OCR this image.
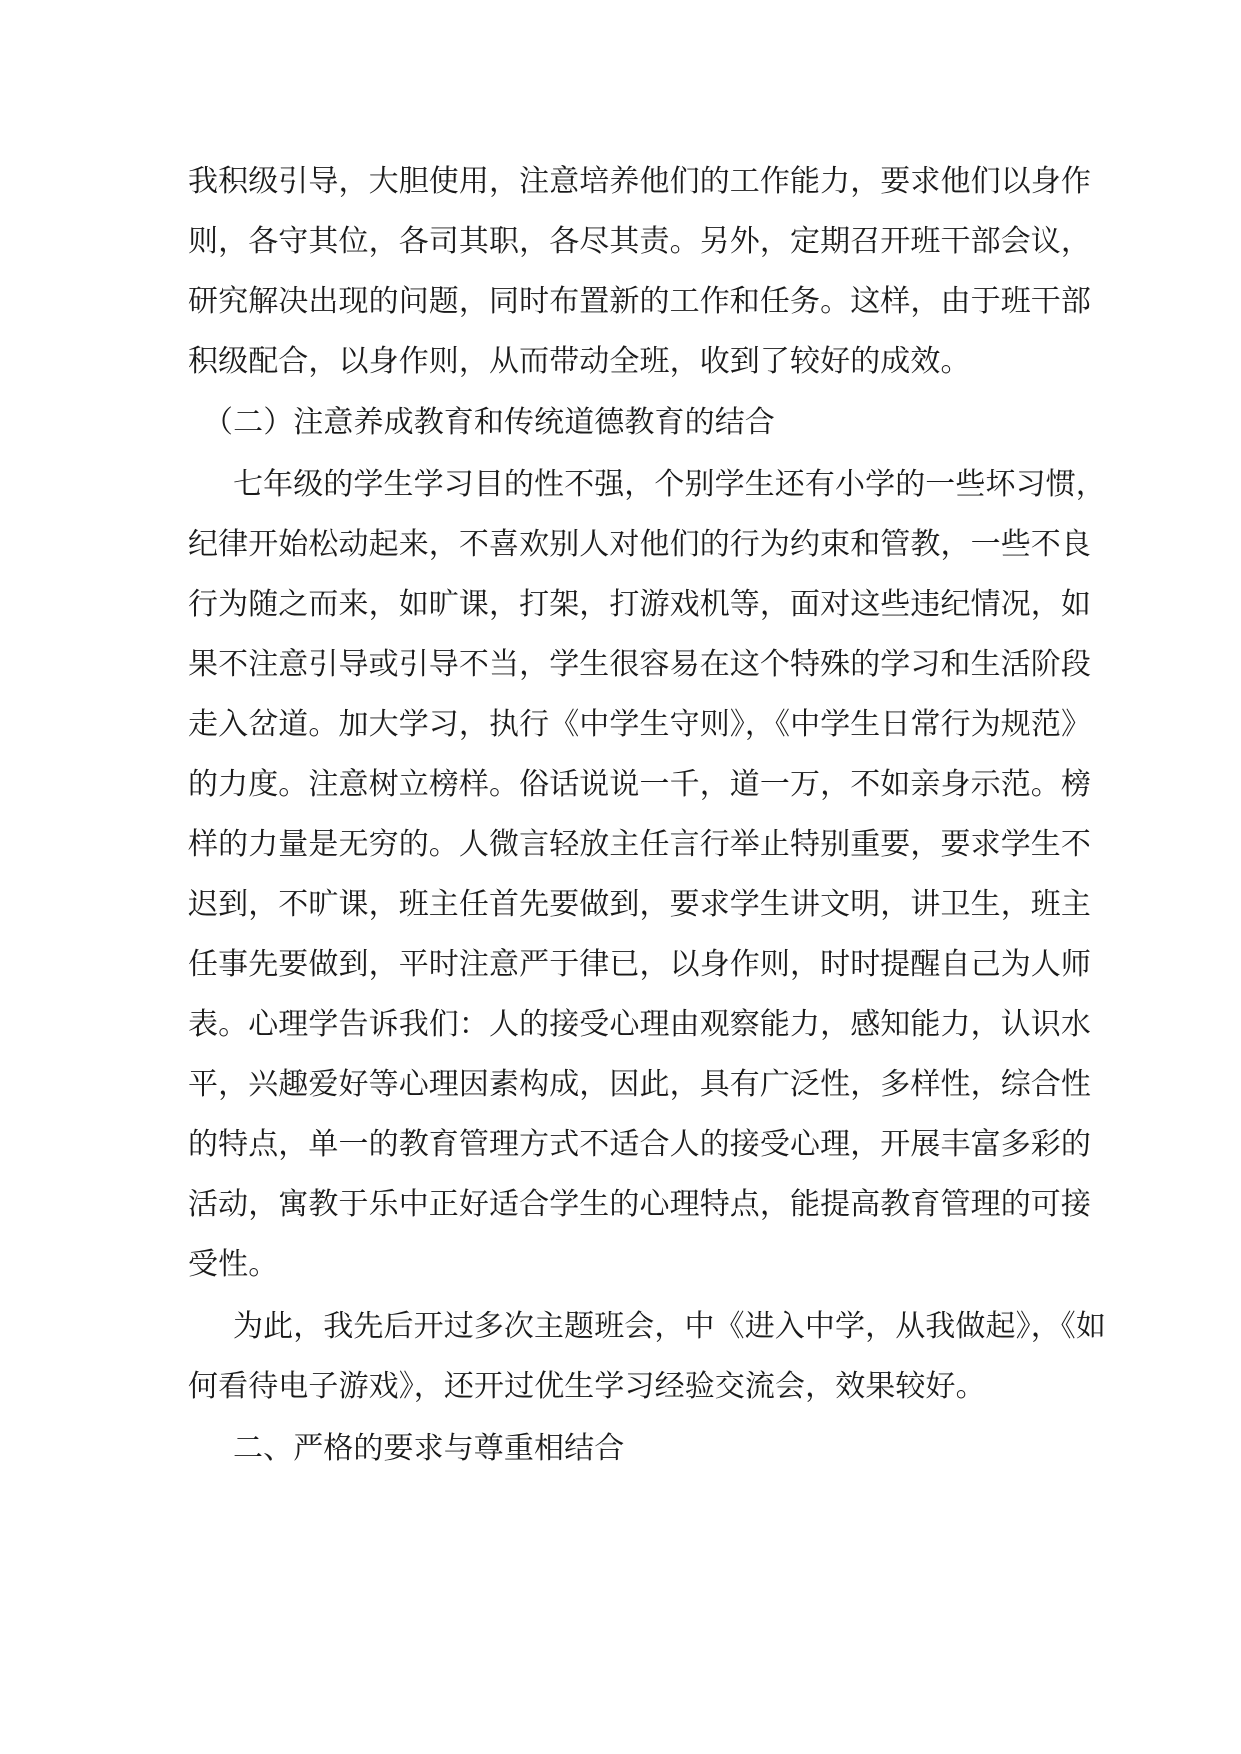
我积级引导，大胆使用，注意培养他们的工作能力，要求他们以身作
则，各守其位，各司其职，各尽其责。另外，定期召开班干部会议，
研究解决出现的问题，同时布置新的工作和任务。这样，由于班干部
积级配合，以身作则，从而带动全班，收到了较好的成效。
（二）注意养成教育和传统道德教育的结合
七年级的学生学习目的性不强，个别学生还有小学的一些坏习惯，
纪律开始松动起来，不喜欢别人对他们的行为约束和管教，一些不良
行为随之而来，如旷课，打架，打游戏机等，面对这些违纪情况，如
果不注意引导或引导不当，学生很容易在这个特殊的学习和生活阶段
走入岔道。加大学习，执行《中学生守则》，《中学生日常行为规范》
的力度。注意树立榜样。俗话说说一千，道一万，不如亲身示范。榜
样的力量是无穷的。人微言轻放主任言行举止特别重要，要求学生不
迟到，不旷课，班主任首先要做到，要求学生讲文明，讲卫生，班主
任事先要做到，平时注意严于律已，以身作则，时时提醒自己为人师
表。心理学告诉我们：人的接受心理由观察能力，感知能力，认识水
平，兴趣爱好等心理因素构成，因此，具有广泛性，多样性，综合性
的特点，单一的教育管理方式不适合人的接受心理，开展丰富多彩的
活动，寓教于乐中正好适合学生的心理特点，能提高教育管理的可接
受性。
为此，我先后开过多次主题班会，中《进入中学，从我做起》，《如
何看待电子游戏》，还开过优生学习经验交流会，效果较好。
二、严格的要求与尊重相结合
